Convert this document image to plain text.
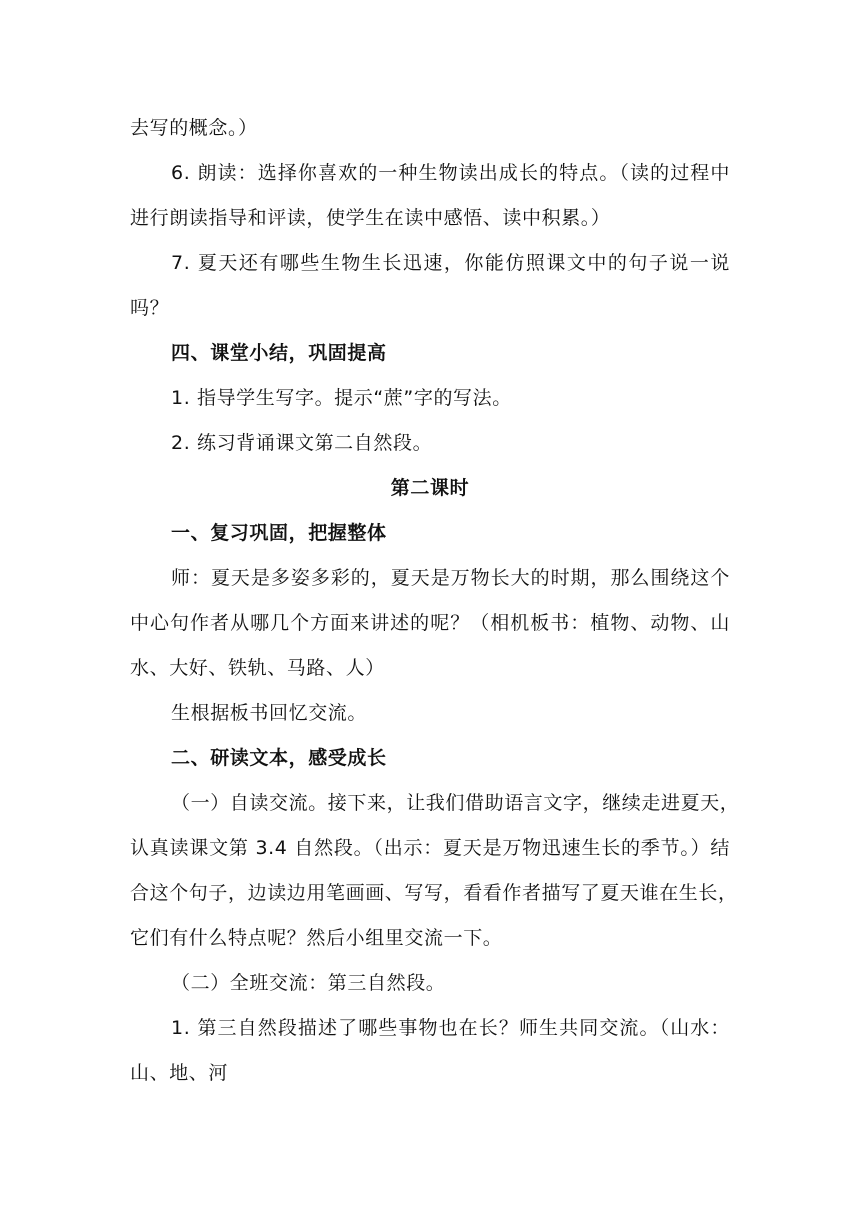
去写的概念。）
6. 朗读：选择你喜欢的一种生物读出成长的特点。（读的过程中
进行朗读指导和评读，使学生在读中感悟、读中积累。）
7. 夏天还有哪些生物生长迅速，你能仿照课文中的句子说一说
吗？
四、课堂小结，巩固提高
1. 指导学生写字。提示“蔗”字的写法。
2. 练习背诵课文第二自然段。
第二课时
一、复习巩固，把握整体
师：夏天是多姿多彩的，夏天是万物长大的时期，那么围绕这个
中心句作者从哪几个方面来讲述的呢？（相机板书：植物、动物、山
水、大好、铁轨、马路、人）
生根据板书回忆交流。
二、研读文本，感受成长
（一）自读交流。接下来，让我们借助语言文字，继续走进夏天，
认真读课文第 3.4 自然段。（出示：夏天是万物迅速生长的季节。）结
合这个句子，边读边用笔画画、写写，看看作者描写了夏天谁在生长，
它们有什么特点呢？然后小组里交流一下。
（二）全班交流：第三自然段。
1. 第三自然段描述了哪些事物也在长？师生共同交流。（山水：
山、地、河
